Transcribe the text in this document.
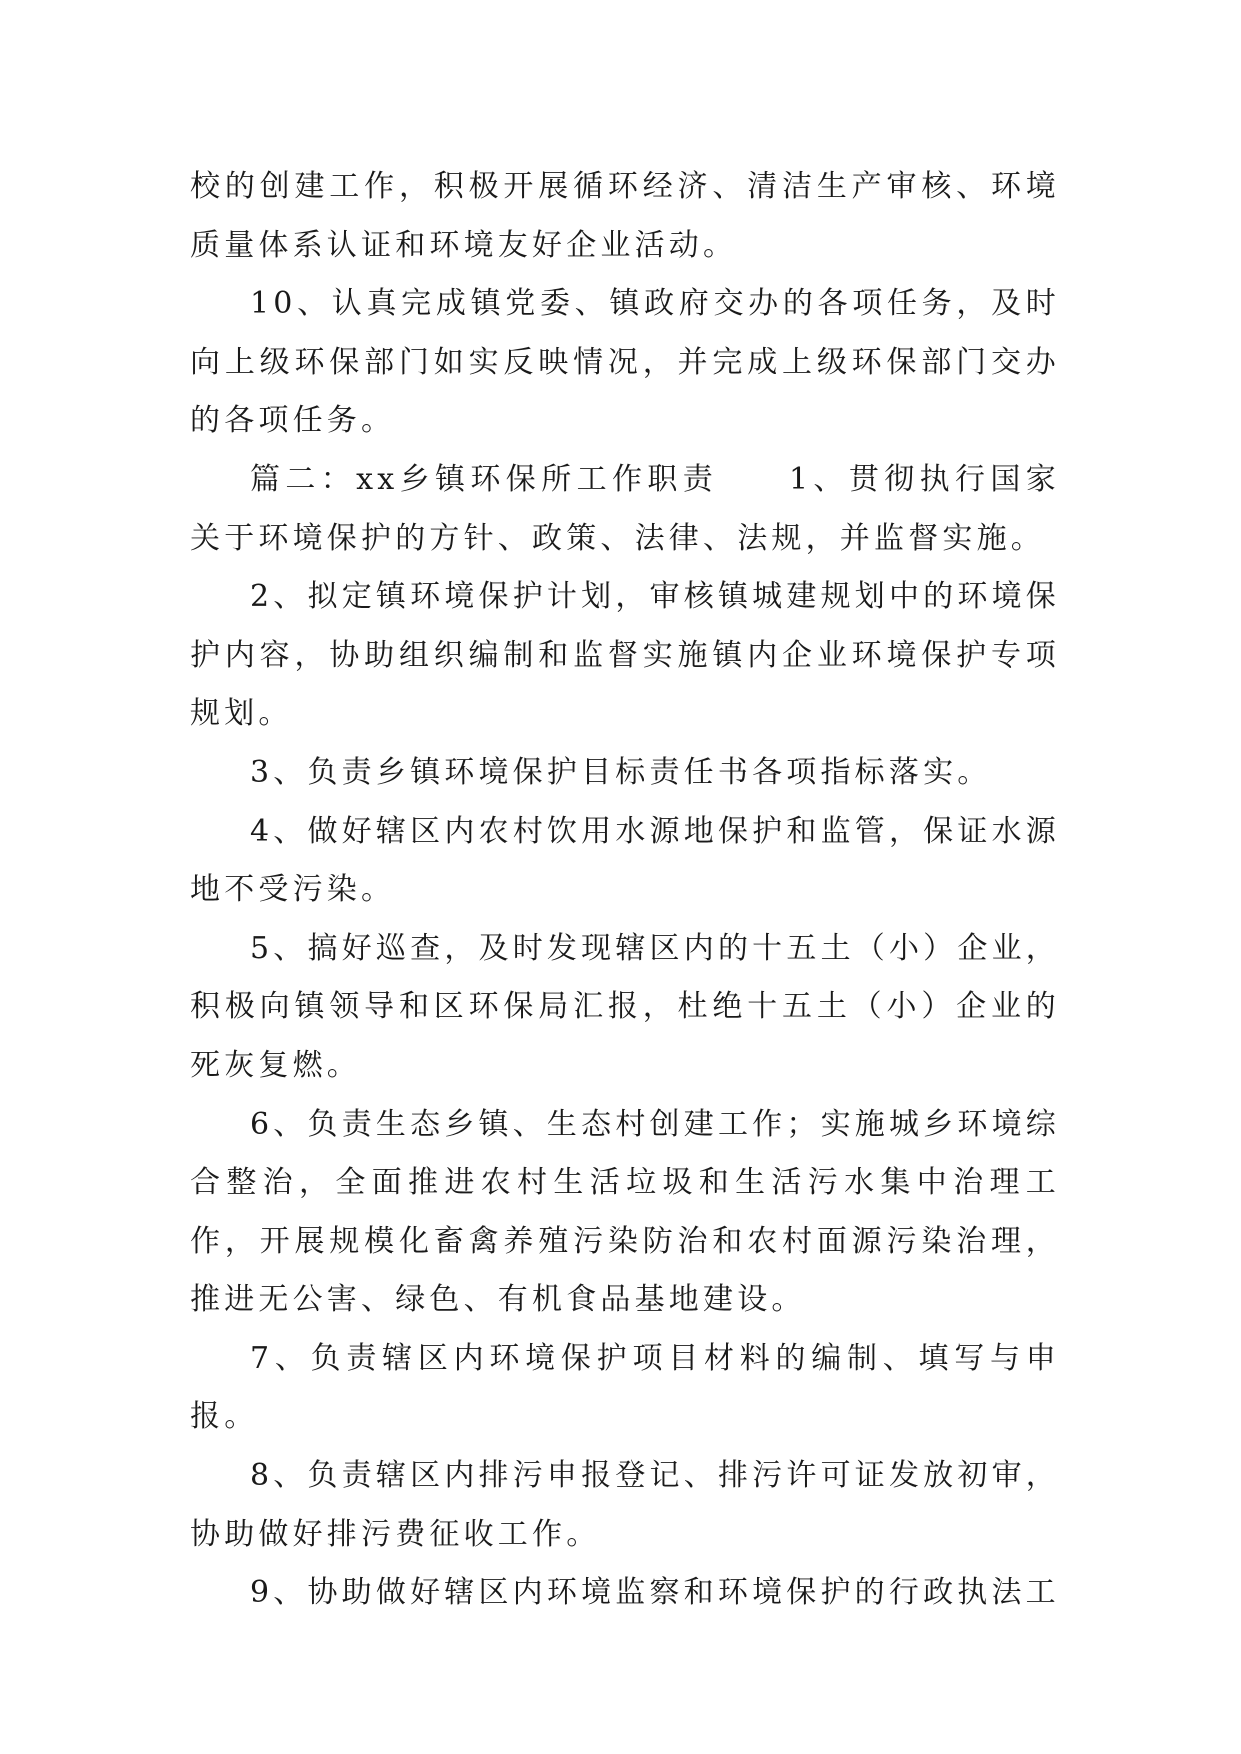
校的创建工作，积极开展循环经济、清洁生产审核、环境质量体系认证和环境友好企业活动。

10、认真完成镇党委、镇政府交办的各项任务，及时向上级环保部门如实反映情况，并完成上级环保部门交办的各项任务。

篇二：xx乡镇环保所工作职责　　1、贯彻执行国家关于环境保护的方针、政策、法律、法规，并监督实施。

2、拟定镇环境保护计划，审核镇城建规划中的环境保护内容，协助组织编制和监督实施镇内企业环境保护专项规划。

3、负责乡镇环境保护目标责任书各项指标落实。

4、做好辖区内农村饮用水源地保护和监管，保证水源地不受污染。

5、搞好巡查，及时发现辖区内的十五土（小）企业，积极向镇领导和区环保局汇报，杜绝十五土（小）企业的死灰复燃。

6、负责生态乡镇、生态村创建工作；实施城乡环境综合整治，全面推进农村生活垃圾和生活污水集中治理工作，开展规模化畜禽养殖污染防治和农村面源污染治理，推进无公害、绿色、有机食品基地建设。

7、负责辖区内环境保护项目材料的编制、填写与申报。

8、负责辖区内排污申报登记、排污许可证发放初审，协助做好排污费征收工作。

9、协助做好辖区内环境监察和环境保护的行政执法工
